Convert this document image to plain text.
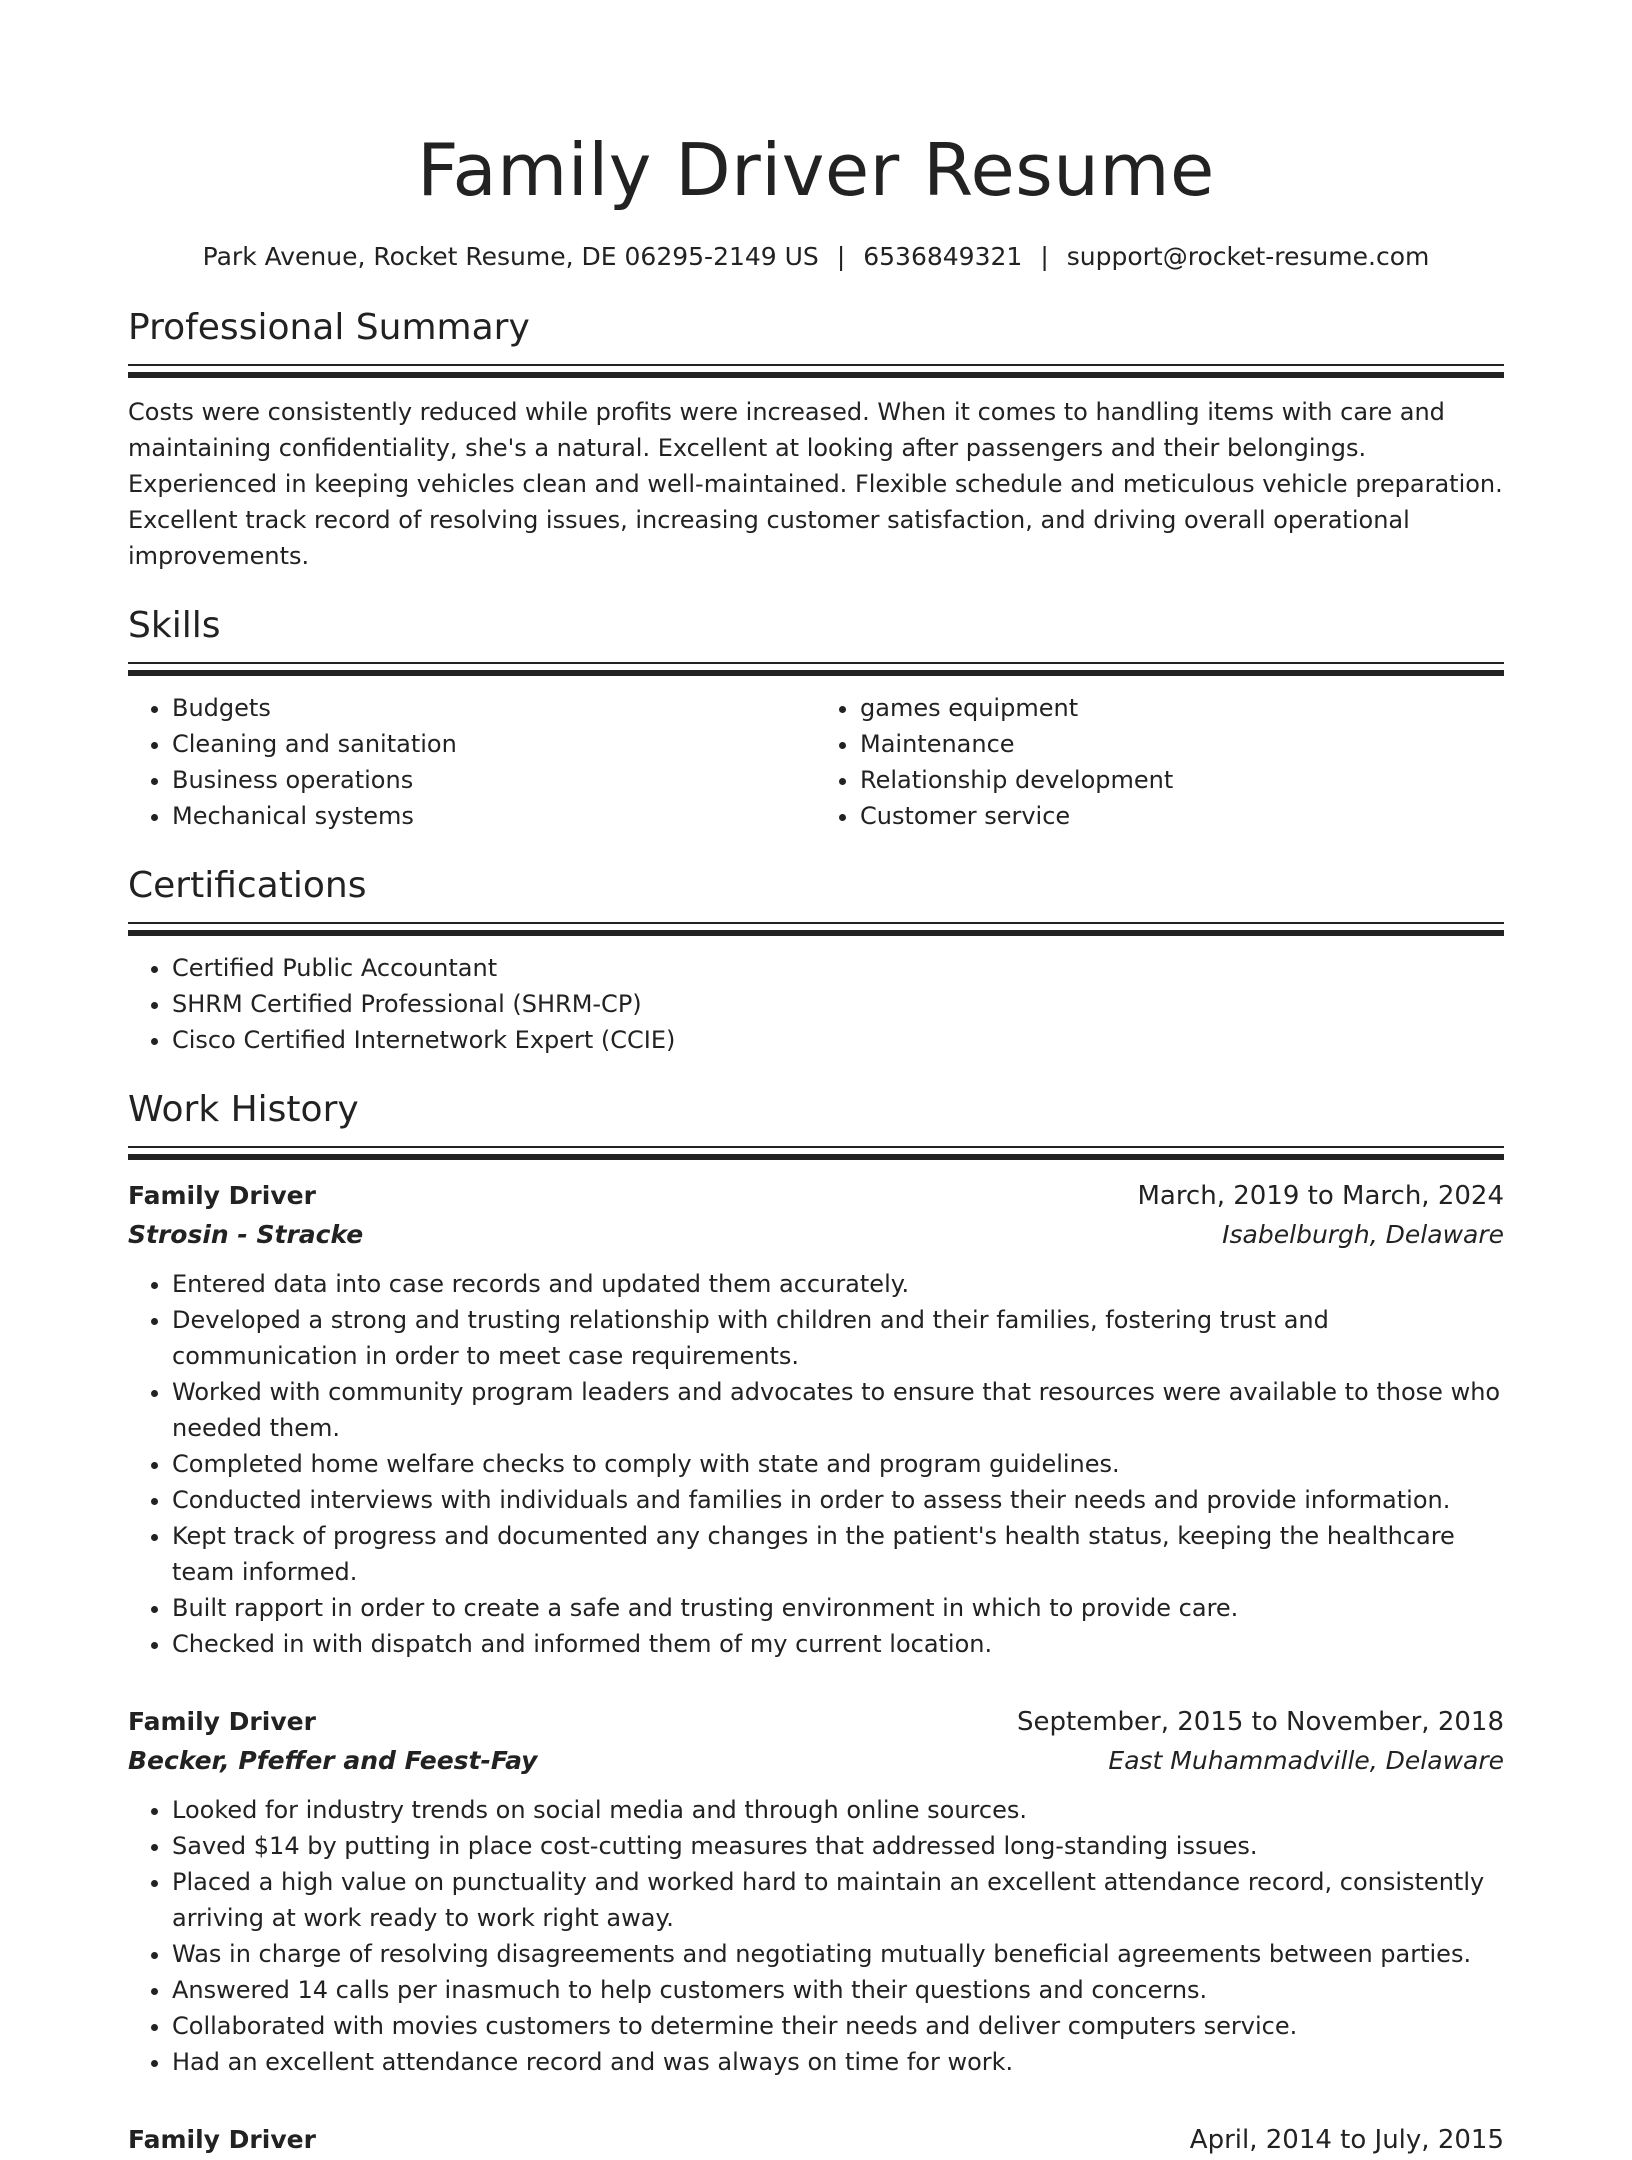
Family Driver Resume
Park Avenue, Rocket Resume, DE 06295-2149 US | 6536849321 | support@rocket-resume.com
Professional Summary

Costs were consistently reduced while profits were increased. When it comes to handling items with care and maintaining confidentiality, she's a natural. Excellent at looking after passengers and their belongings. Experienced in keeping vehicles clean and well-maintained. Flexible schedule and meticulous vehicle preparation. Excellent track record of resolving issues, increasing customer satisfaction, and driving overall operational improvements.

Skills
• Budgets
• Cleaning and sanitation
• Business operations
• Mechanical systems
• games equipment
• Maintenance
• Relationship development
• Customer service
Certifications
• Certified Public Accountant
• SHRM Certified Professional (SHRM-CP)
• Cisco Certified Internetwork Expert (CCIE)
Work History
Family Driver	March, 2019 to March, 2024
Strosin - Stracke	Isabelburgh, Delaware
• Entered data into case records and updated them accurately.
• Developed a strong and trusting relationship with children and their families, fostering trust and communication in order to meet case requirements.
• Worked with community program leaders and advocates to ensure that resources were available to those who needed them.
• Completed home welfare checks to comply with state and program guidelines.
• Conducted interviews with individuals and families in order to assess their needs and provide information.
• Kept track of progress and documented any changes in the patient's health status, keeping the healthcare team informed.
• Built rapport in order to create a safe and trusting environment in which to provide care.
• Checked in with dispatch and informed them of my current location.
Family Driver	September, 2015 to November, 2018
Becker, Pfeffer and Feest-Fay	East Muhammadville, Delaware
• Looked for industry trends on social media and through online sources.
• Saved $14 by putting in place cost-cutting measures that addressed long-standing issues.
• Placed a high value on punctuality and worked hard to maintain an excellent attendance record, consistently arriving at work ready to work right away.
• Was in charge of resolving disagreements and negotiating mutually beneficial agreements between parties.
• Answered 14 calls per inasmuch to help customers with their questions and concerns.
• Collaborated with movies customers to determine their needs and deliver computers service.
• Had an excellent attendance record and was always on time for work.
Family Driver	April, 2014 to July, 2015
